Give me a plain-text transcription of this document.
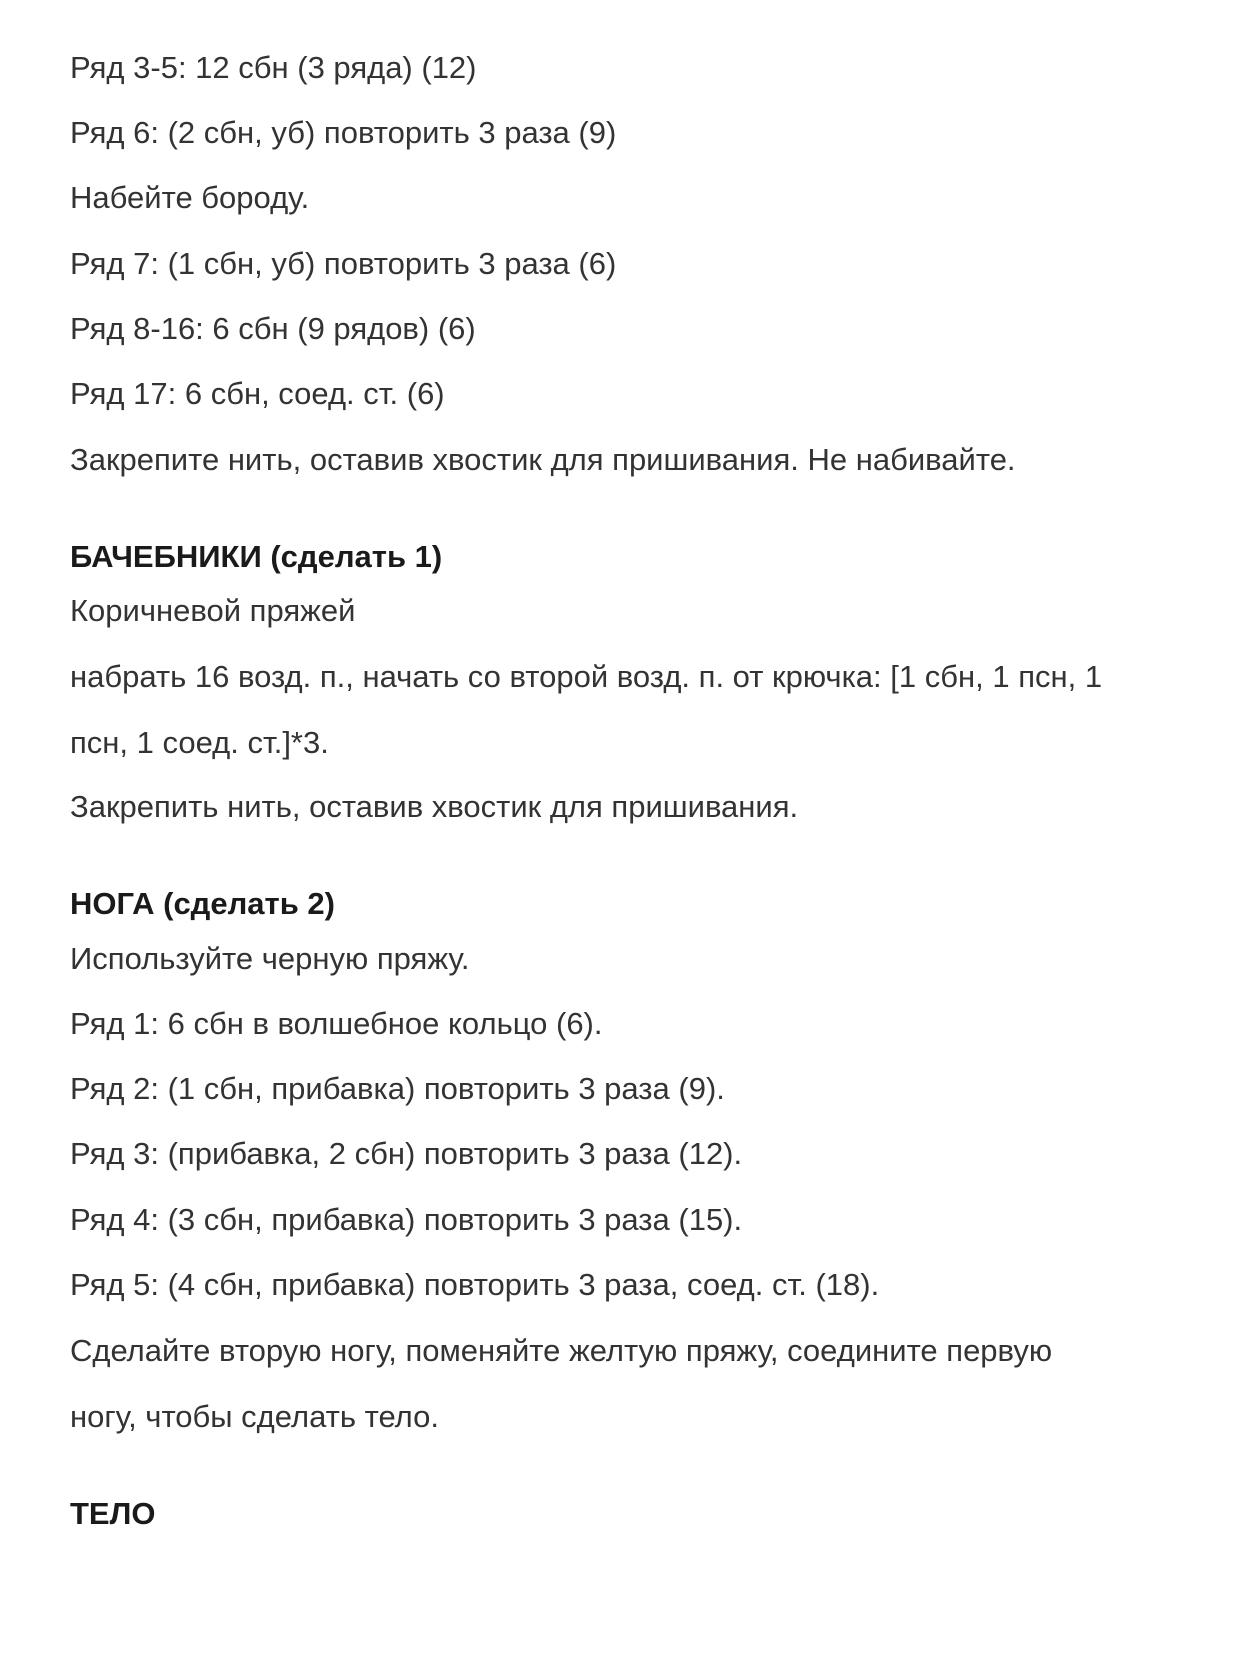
Ряд 3-5: 12 сбн (3 ряда) (12)
Ряд 6: (2 сбн, уб) повторить 3 раза (9)
Набейте бороду.
Ряд 7: (1 сбн, уб) повторить 3 раза (6)
Ряд 8-16: 6 сбн (9 рядов) (6)
Ряд 17: 6 сбн, соед. ст. (6)
Закрепите нить, оставив хвостик для пришивания. Не набивайте.
БАЧЕБНИКИ (сделать 1)
Коричневой пряжей
набрать 16 возд. п., начать со второй возд. п. от крючка: [1 сбн, 1 псн, 1
псн, 1 соед. ст.]*3.
Закрепить нить, оставив хвостик для пришивания.
НОГА (сделать 2)
Используйте черную пряжу.
Ряд 1: 6 сбн в волшебное кольцо (6).
Ряд 2: (1 сбн, прибавка) повторить 3 раза (9).
Ряд 3: (прибавка, 2 сбн) повторить 3 раза (12).
Ряд 4: (3 сбн, прибавка) повторить 3 раза (15).
Ряд 5: (4 сбн, прибавка) повторить 3 раза, соед. ст. (18).
Сделайте вторую ногу, поменяйте желтую пряжу, соедините первую
ногу, чтобы сделать тело.
ТЕЛО
